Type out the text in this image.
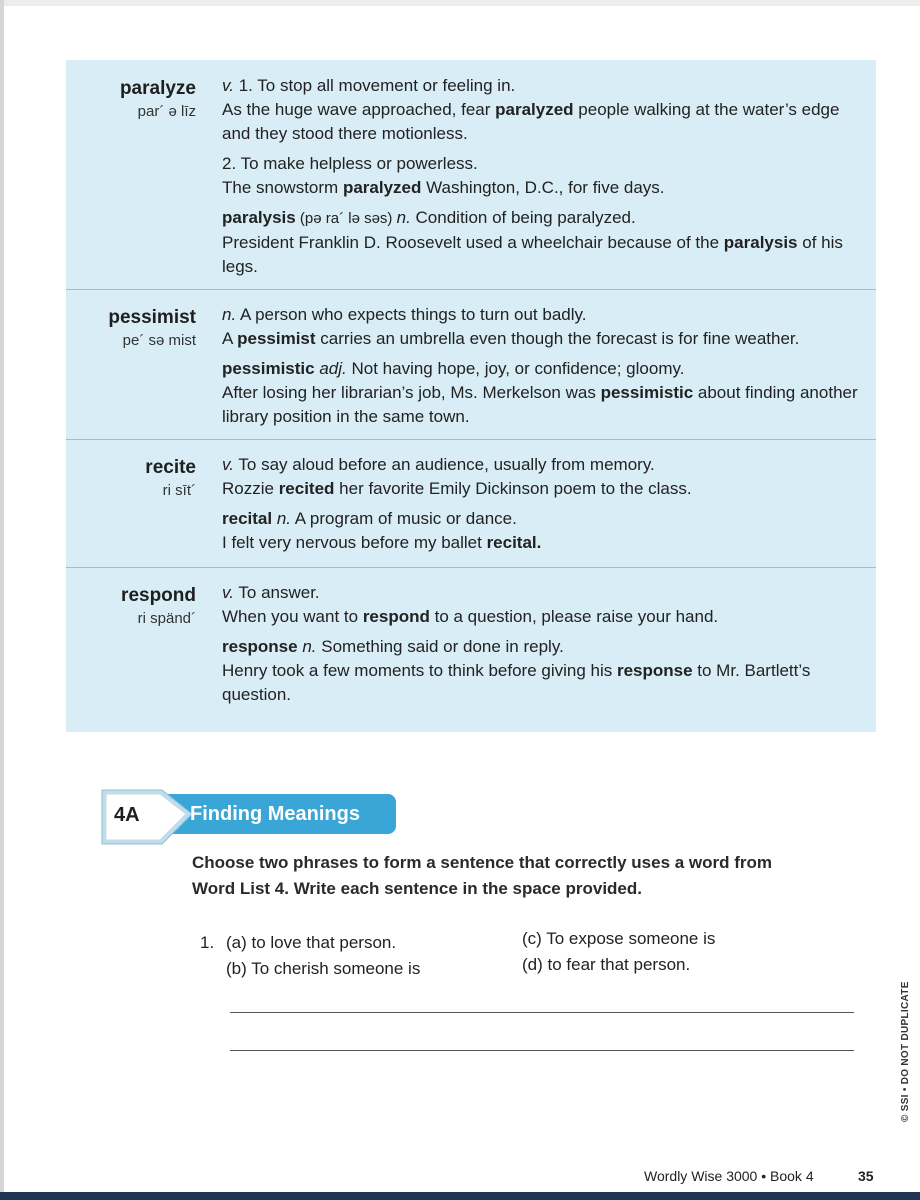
paralyze
par´ ə līz

v. 1. To stop all movement or feeling in.

As the huge wave approached, fear paralyzed people walking at the water’s edge and they stood there motionless.

2. To make helpless or powerless.

The snowstorm paralyzed Washington, D.C., for five days.

paralysis (pə ra´ lə səs) n. Condition of being paralyzed.

President Franklin D. Roosevelt used a wheelchair because of the paralysis of his legs.

pessimist
pe´ sə mist

n. A person who expects things to turn out badly.

A pessimist carries an umbrella even though the forecast is for fine weather.

pessimistic adj. Not having hope, joy, or confidence; gloomy.

After losing her librarian’s job, Ms. Merkelson was pessimistic about finding another library position in the same town.

recite
ri sīt´

v. To say aloud before an audience, usually from memory.

Rozzie recited her favorite Emily Dickinson poem to the class.

recital n. A program of music or dance.

I felt very nervous before my ballet recital.

respond
ri spänd´

v. To answer.

When you want to respond to a question, please raise your hand.

response n. Something said or done in reply.

Henry took a few moments to think before giving his response to Mr. Bartlett’s question.

4A	Finding Meanings
Choose two phrases to form a sentence that correctly uses a word from Word List 4. Write each sentence in the space provided.
1. (a) to love that person.
(b) To cherish someone is
(c) To expose someone is
(d) to fear that person.
© SSI • DO NOT DUPLICATE
Wordly Wise 3000 • Book 4	35
